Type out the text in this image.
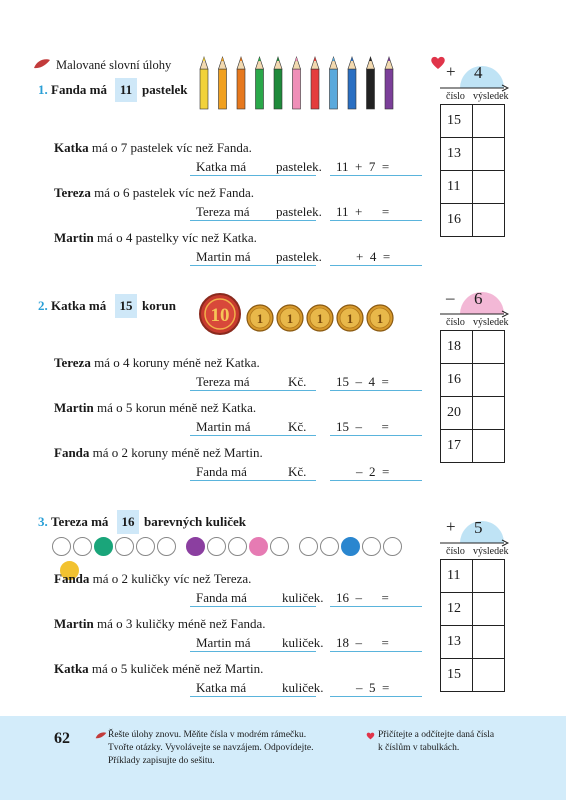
Malované slovní úlohy
1. Fanda má 11 pastelek
Katka má o 7 pastelek víc než Fanda.
Katka má pastelek. 11  +  7  =
Tereza má o 6 pastelek víc než Fanda.
Tereza má pastelek. 11  +      =
Martin má o 4 pastelky víc než Katka.
Martin má pastelek.	+  4  =
+ 4
číslo výsledek
15	
13	
11	
16	
2. Katka má	15 korun 10 1 1 1 1 1
Tereza má o 4 koruny méně než Katka.
Tereza má	Kč. 15  –  4  =
Martin má o 5 korun méně než Katka.
Martin má	Kč. 15  –      =
Fanda má o 2 koruny méně než Martin.
Fanda má	Kč.	–  2  =
– 6
číslo výsledek
18	
16	
20	
17	
3. Tereza má	16 barevných kuliček
Fanda má o 2 kuličky víc než Tereza.
Fanda má	kuliček. 16  –      =
Martin má o 3 kuličky méně než Fanda.
Martin má kuliček. 18  –      =
Katka má o 5 kuliček méně než Martin.
Katka má	kuliček. –  5  =
+ 5
číslo výsledek
11	
12	
13	
15	
62	Řešte úlohy znovu. Měňte čísla v modrém rámečku.
Tvořte otázky. Vyvolávejte se navzájem. Odpovídejte.
Příklady zapisujte do sešitu.
Přičítejte a odčítejte daná čísla
k číslům v tabulkách.
